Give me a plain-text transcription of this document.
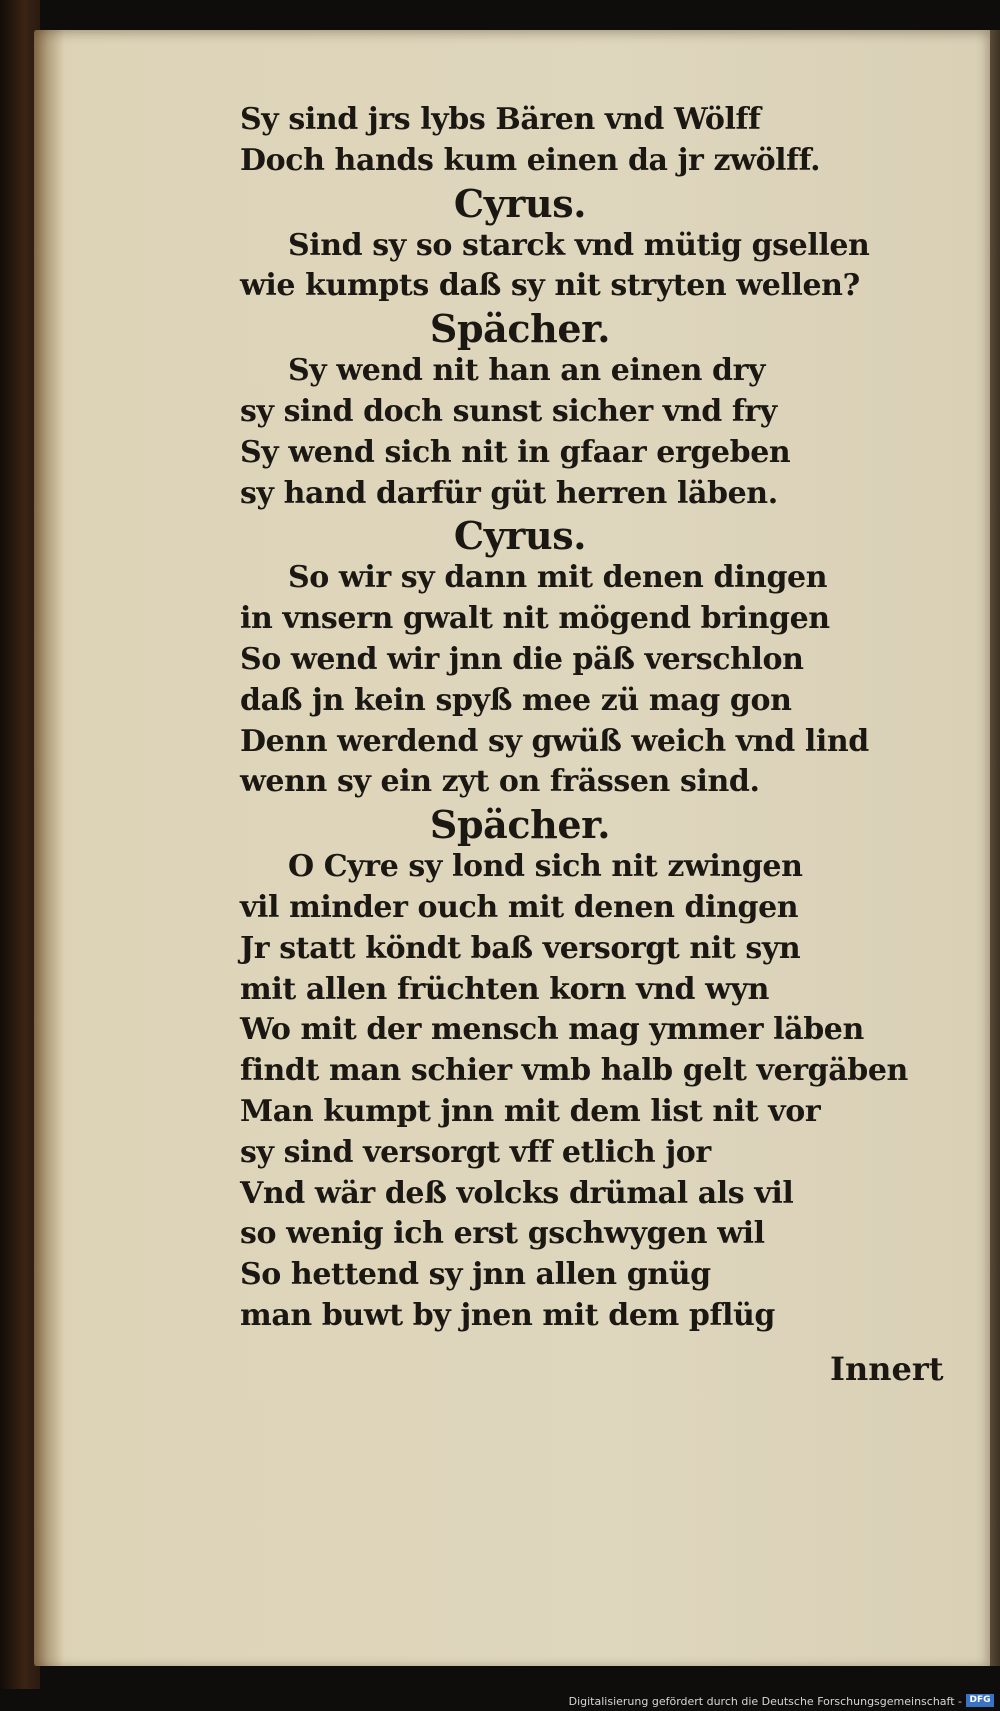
Sy sind jrs lybs Bären vnd Wölff
Doch hands kum einen da jr zwölff.
Cyrus.
Sind sy so starck vnd mütig gsellen
wie kumpts daß sy nit stryten wellen?
Spächer.
Sy wend nit han an einen dry
sy sind doch sunst sicher vnd fry
Sy wend sich nit in gfaar ergeben
sy hand darfür güt herren läben.
Cyrus.
So wir sy dann mit denen dingen
in vnsern gwalt nit mögend bringen
So wend wir jnn die päß verschlon
daß jn kein spyß mee zü mag gon
Denn werdend sy gwüß weich vnd lind
wenn sy ein zyt on frässen sind.
Spächer.
O Cyre sy lond sich nit zwingen
vil minder ouch mit denen dingen
Jr statt köndt baß versorgt nit syn
mit allen früchten korn vnd wyn
Wo mit der mensch mag ymmer läben
findt man schier vmb halb gelt vergäben
Man kumpt jnn mit dem list nit vor
sy sind versorgt vff etlich jor
Vnd wär deß volcks drümal als vil
so wenig ich erst gschwygen wil
So hettend sy jnn allen gnüg
man buwt by jnen mit dem pflüg
Innert
Digitalisierung gefördert durch die Deutsche Forschungsgemeinschaft - DFG
